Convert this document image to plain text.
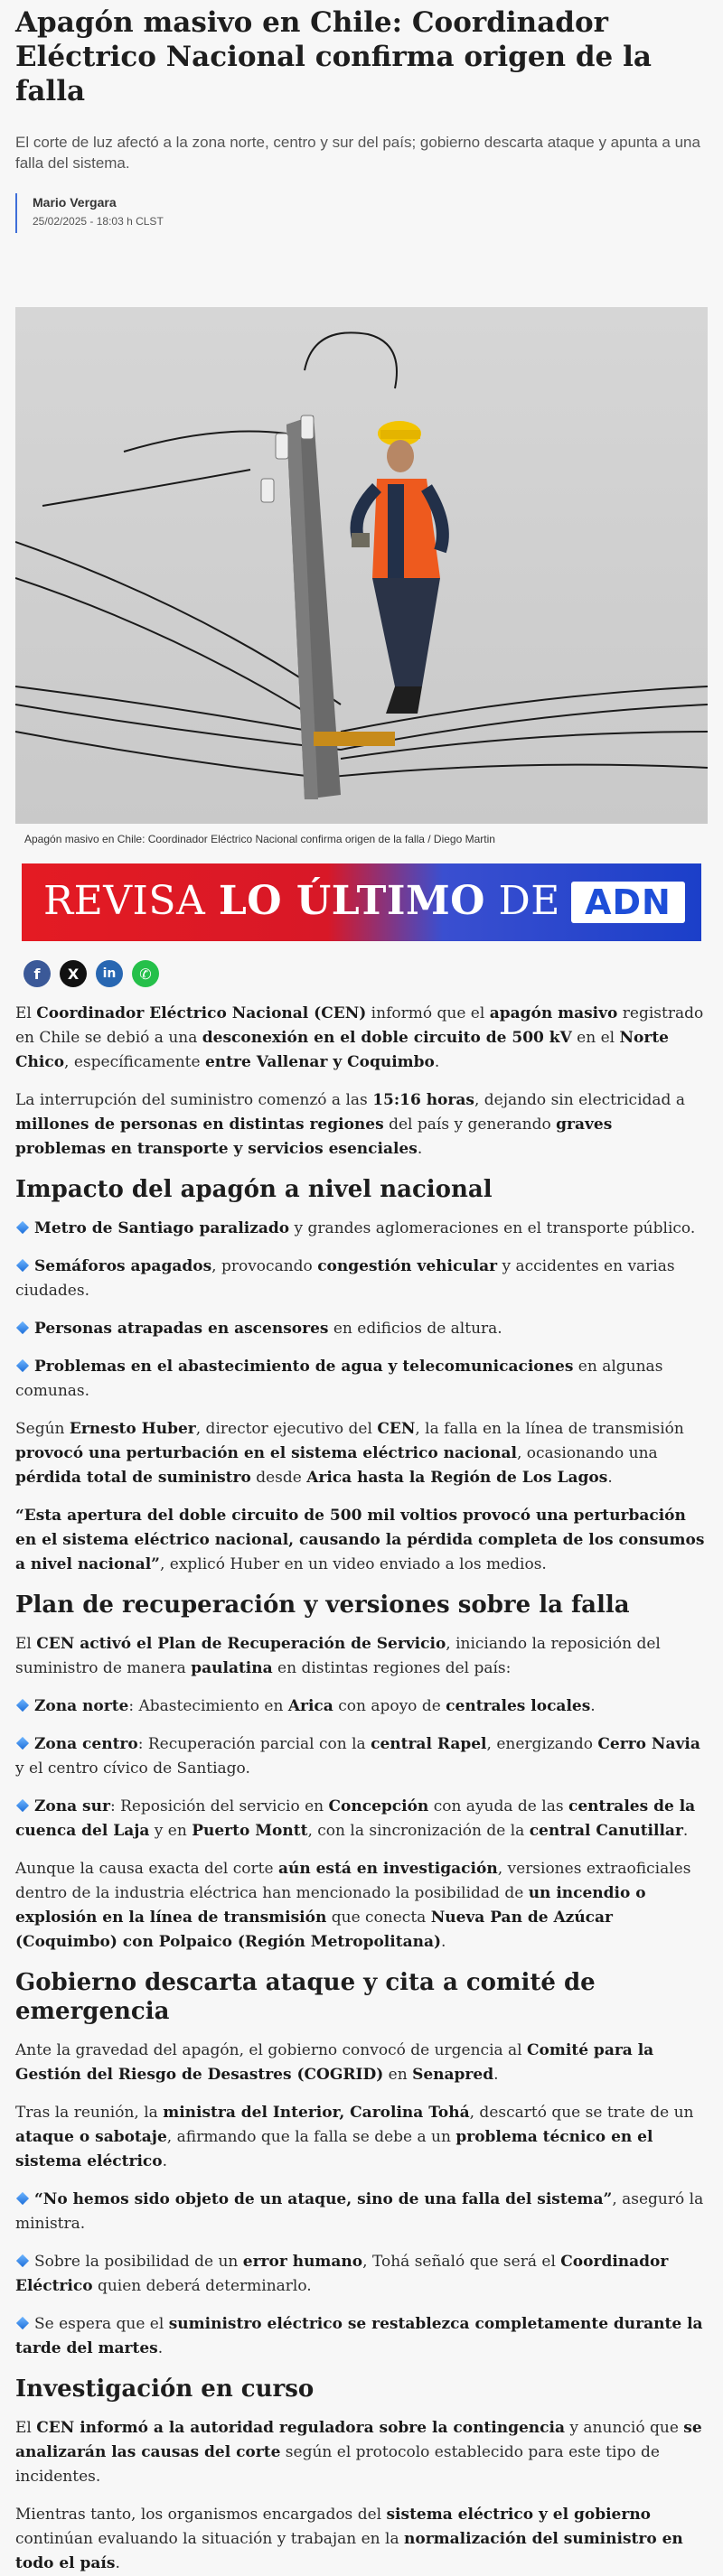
Apagón masivo en Chile: Coordinador Eléctrico Nacional confirma origen de la falla

El corte de luz afectó a la zona norte, centro y sur del país; gobierno descarta ataque y apunta a una falla del sistema.

Mario Vergara
25/02/2025 - 18:03 h CLST
Apagón masivo en Chile: Coordinador Eléctrico Nacional confirma origen de la falla / Diego Martin
REVISA LO ÚLTIMO DE ADN
f	X	in	✆

El Coordinador Eléctrico Nacional (CEN) informó que el apagón masivo registrado en Chile se debió a una desconexión en el doble circuito de 500 kV en el Norte Chico, específicamente entre Vallenar y Coquimbo.

La interrupción del suministro comenzó a las 15:16 horas, dejando sin electricidad a millones de personas en distintas regiones del país y generando graves problemas en transporte y servicios esenciales.

Impacto del apagón a nivel nacional

Metro de Santiago paralizado y grandes aglomeraciones en el transporte público.

Semáforos apagados, provocando congestión vehicular y accidentes en varias ciudades.

Personas atrapadas en ascensores en edificios de altura.

Problemas en el abastecimiento de agua y telecomunicaciones en algunas comunas.

Según Ernesto Huber, director ejecutivo del CEN, la falla en la línea de transmisión provocó una perturbación en el sistema eléctrico nacional, ocasionando una pérdida total de suministro desde Arica hasta la Región de Los Lagos.

“Esta apertura del doble circuito de 500 mil voltios provocó una perturbación en el sistema eléctrico nacional, causando la pérdida completa de los consumos a nivel nacional”, explicó Huber en un video enviado a los medios.

Plan de recuperación y versiones sobre la falla

El CEN activó el Plan de Recuperación de Servicio, iniciando la reposición del suministro de manera paulatina en distintas regiones del país:

Zona norte: Abastecimiento en Arica con apoyo de centrales locales.

Zona centro: Recuperación parcial con la central Rapel, energizando Cerro Navia y el centro cívico de Santiago.

Zona sur: Reposición del servicio en Concepción con ayuda de las centrales de la cuenca del Laja y en Puerto Montt, con la sincronización de la central Canutillar.

Aunque la causa exacta del corte aún está en investigación, versiones extraoficiales dentro de la industria eléctrica han mencionado la posibilidad de un incendio o explosión en la línea de transmisión que conecta Nueva Pan de Azúcar (Coquimbo) con Polpaico (Región Metropolitana).

Gobierno descarta ataque y cita a comité de emergencia

Ante la gravedad del apagón, el gobierno convocó de urgencia al Comité para la Gestión del Riesgo de Desastres (COGRID) en Senapred.

Tras la reunión, la ministra del Interior, Carolina Tohá, descartó que se trate de un ataque o sabotaje, afirmando que la falla se debe a un problema técnico en el sistema eléctrico.

“No hemos sido objeto de un ataque, sino de una falla del sistema”, aseguró la ministra.

Sobre la posibilidad de un error humano, Tohá señaló que será el Coordinador Eléctrico quien deberá determinarlo.

Se espera que el suministro eléctrico se restablezca completamente durante la tarde del martes.

Investigación en curso

El CEN informó a la autoridad reguladora sobre la contingencia y anunció que se analizarán las causas del corte según el protocolo establecido para este tipo de incidentes.

Mientras tanto, los organismos encargados del sistema eléctrico y el gobierno continúan evaluando la situación y trabajan en la normalización del suministro en todo el país.
